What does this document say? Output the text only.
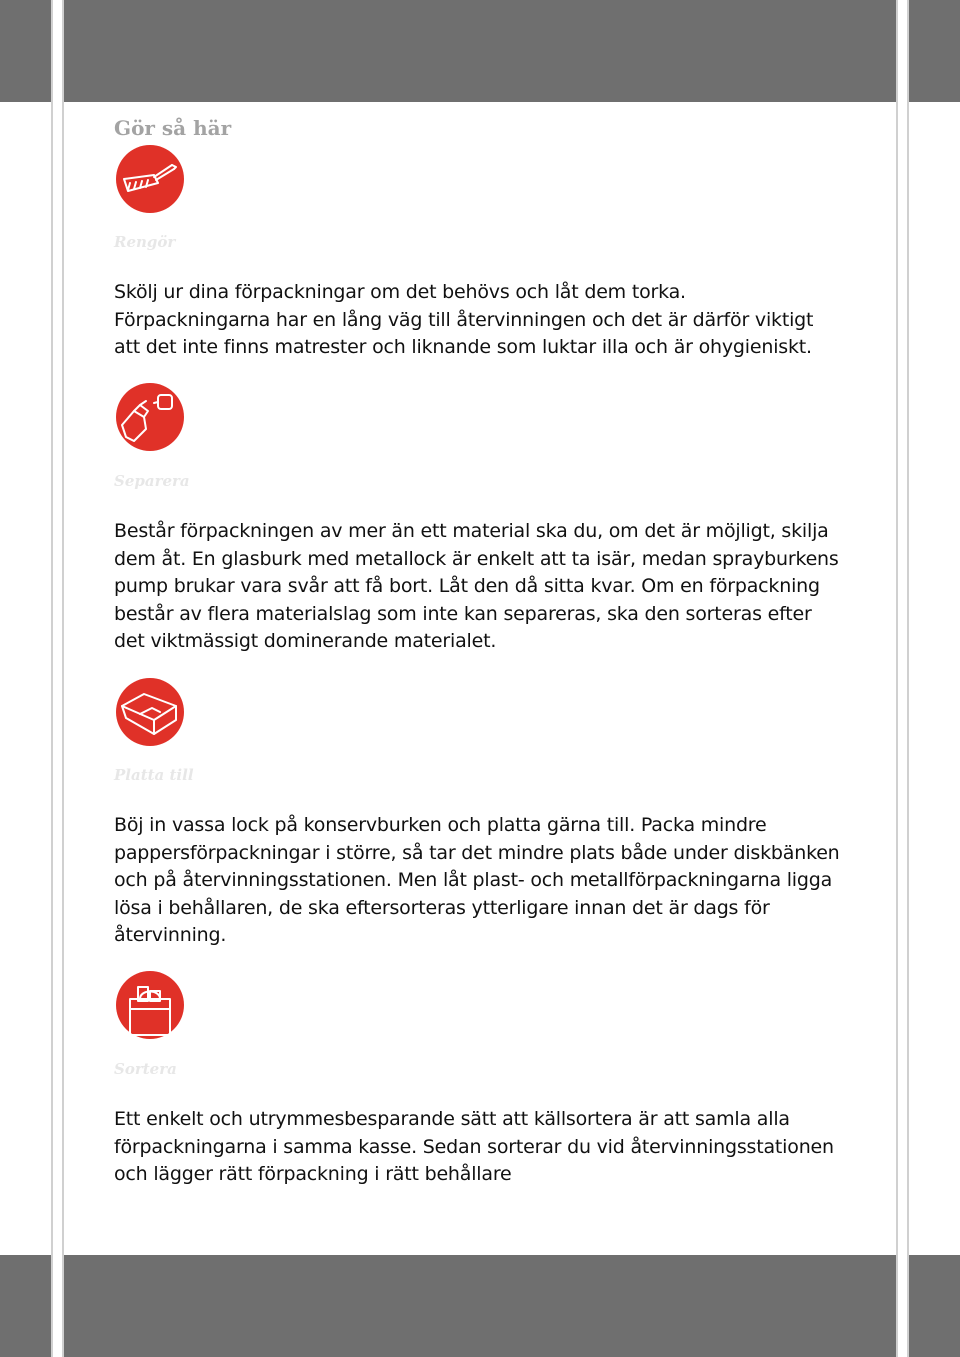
Gör så här

Rengör

Skölj ur dina förpackningar om det behövs och låt dem torka. Förpackningarna har en lång väg till återvinningen och det är därför viktigt att det inte finns matrester och liknande som luktar illa och är ohygieniskt.

Separera

Består förpackningen av mer än ett material ska du, om det är möjligt, skilja dem åt. En glasburk med metallock är enkelt att ta isär, medan sprayburkens pump brukar vara svår att få bort. Låt den då sitta kvar. Om en förpackning består av flera materialslag som inte kan separeras, ska den sorteras efter det viktmässigt dominerande materialet.

Platta till

Böj in vassa lock på konservburken och platta gärna till. Packa mindre pappersförpackningar i större, så tar det mindre plats både under diskbänken och på återvinningsstationen. Men låt plast- och metallförpackningarna ligga lösa i behållaren, de ska eftersorteras ytterligare innan det är dags för återvinning.

Sortera

Ett enkelt och utrymmesbesparande sätt att källsortera är att samla alla förpackningarna i samma kasse. Sedan sorterar du vid återvinningsstationen och lägger rätt förpackning i rätt behållare
